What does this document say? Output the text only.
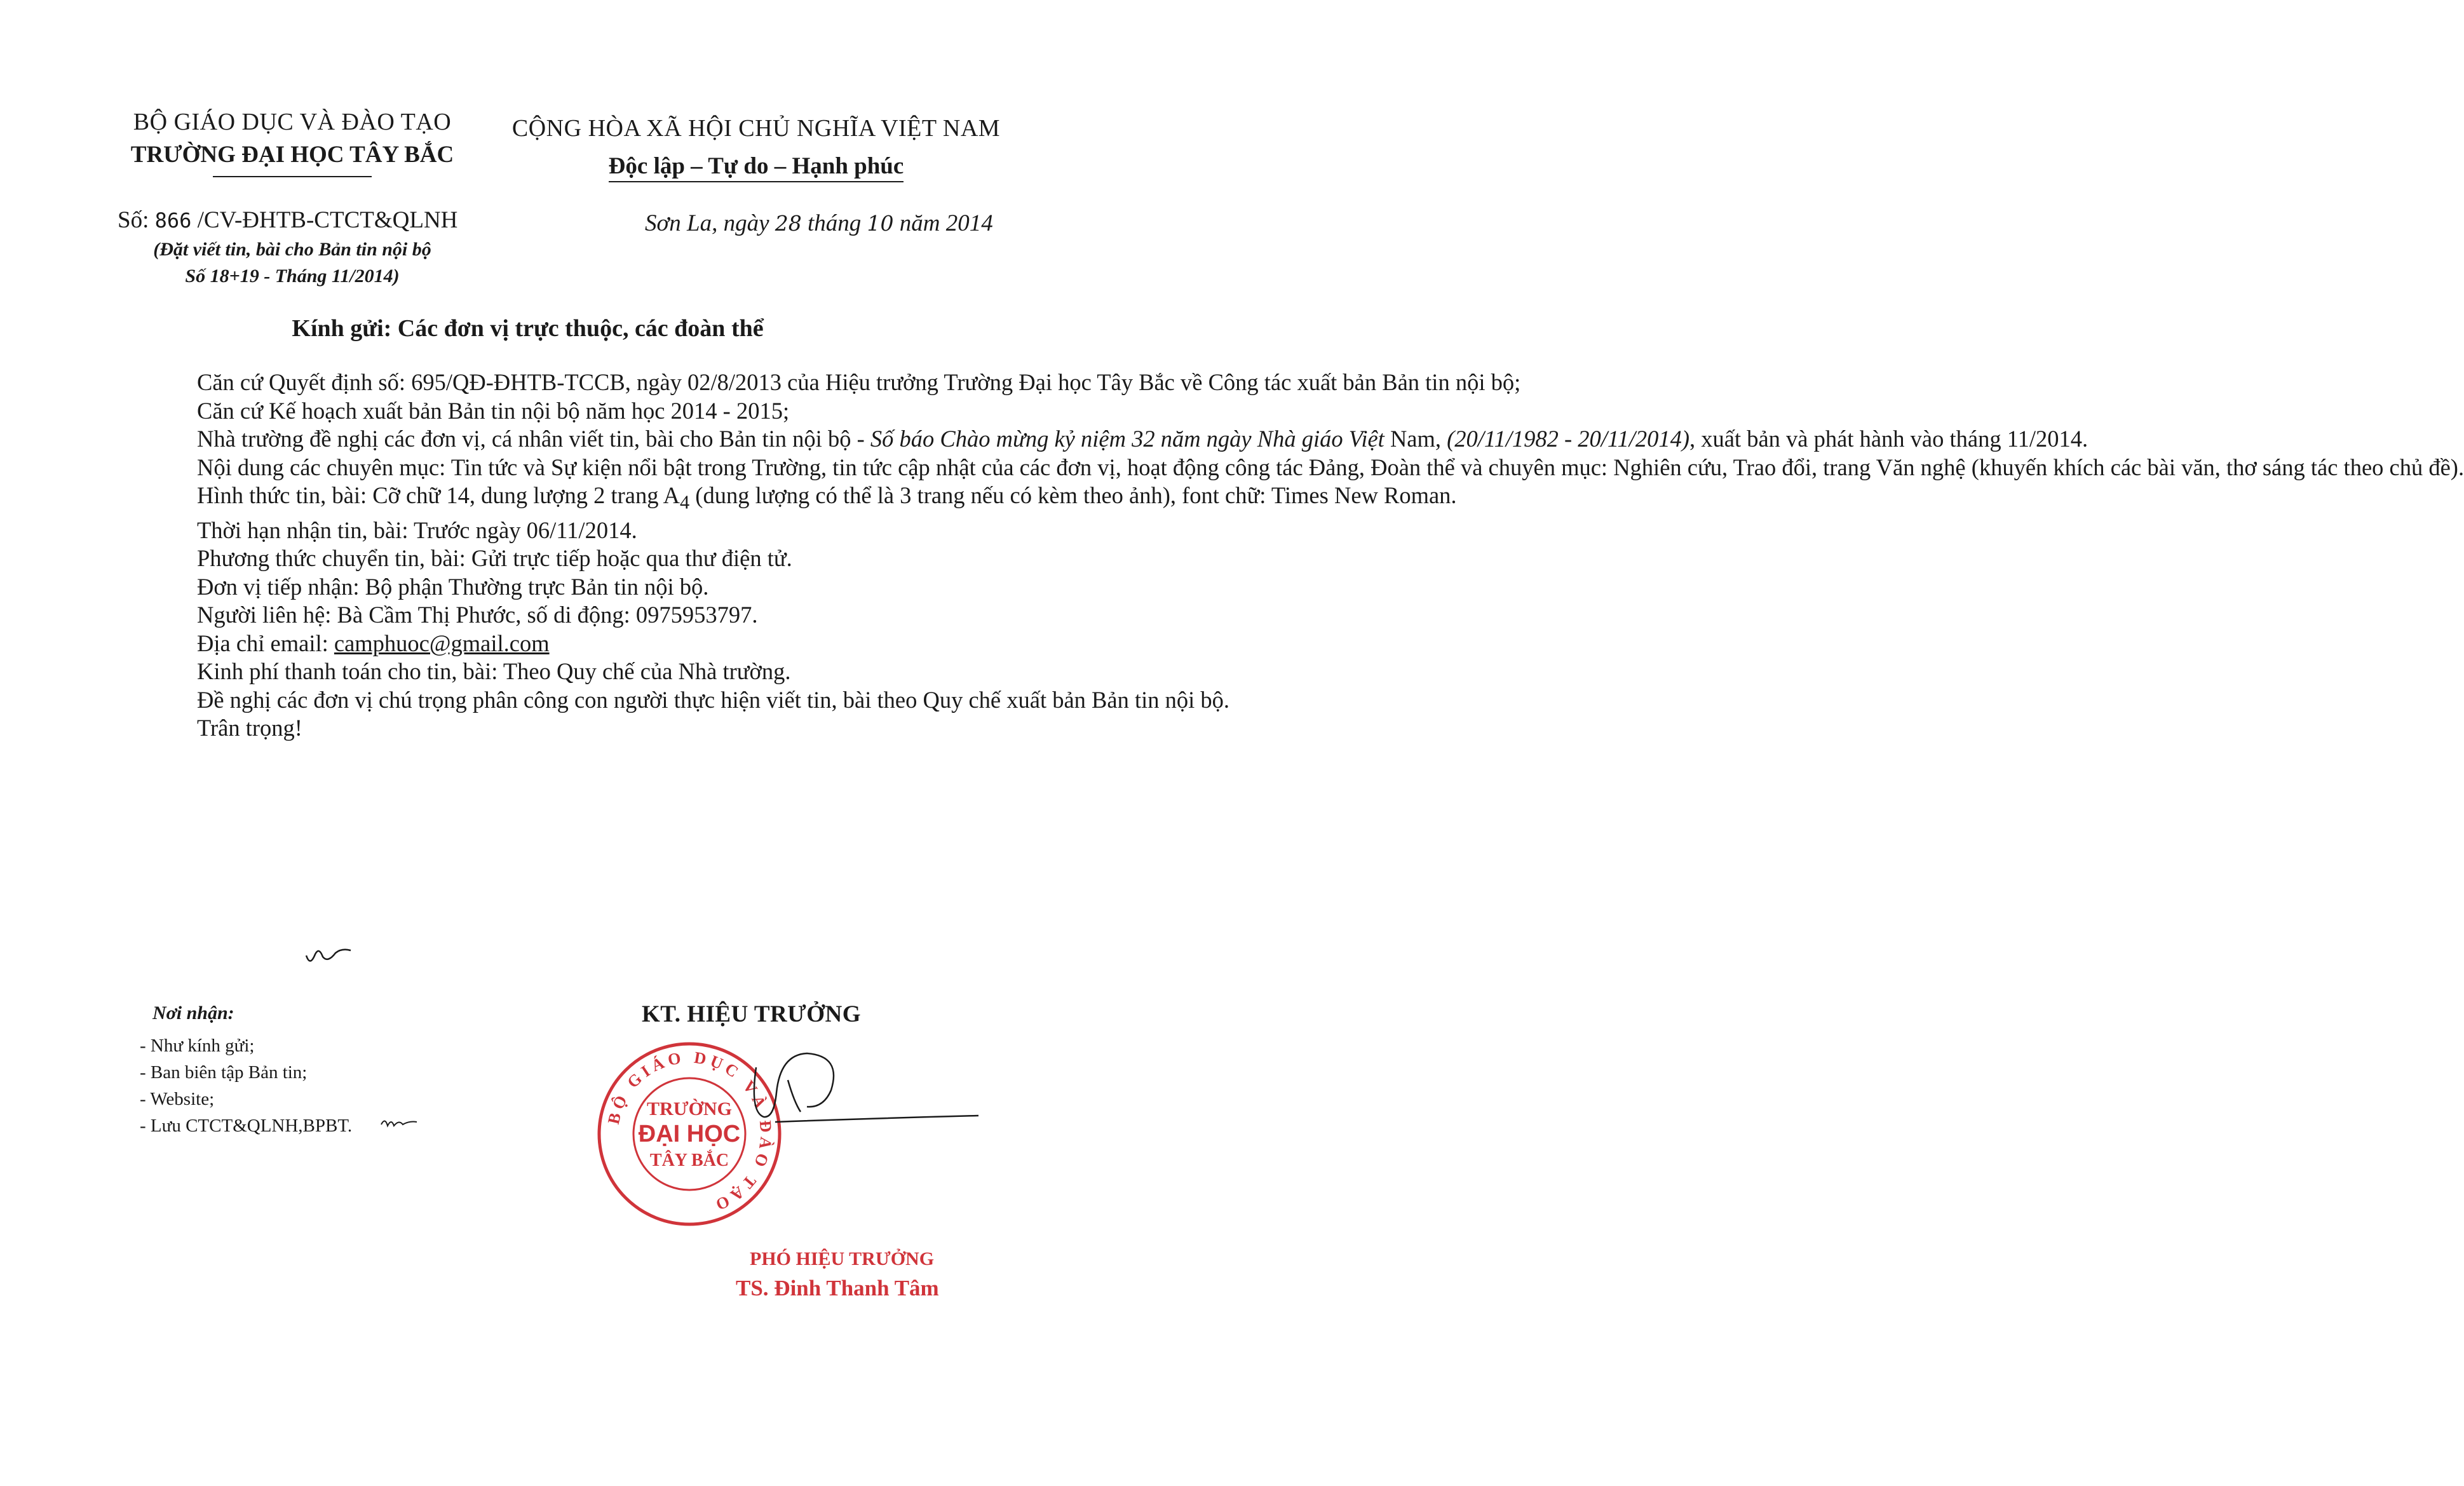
BỘ GIÁO DỤC VÀ ĐÀO TẠO
TRƯỜNG ĐẠI HỌC TÂY BẮC
CỘNG HÒA XÃ HỘI CHỦ NGHĨA VIỆT NAM
Độc lập – Tự do – Hạnh phúc
Số: 866 /CV-ĐHTB-CTCT&QLNH
(Đặt viết tin, bài cho Bản tin nội bộ
Số 18+19 - Tháng 11/2014)
Sơn La, ngày 28 tháng 10 năm 2014
Kính gửi: Các đơn vị trực thuộc, các đoàn thể

Căn cứ Quyết định số: 695/QĐ-ĐHTB-TCCB, ngày 02/8/2013 của Hiệu trưởng Trường Đại học Tây Bắc về Công tác xuất bản Bản tin nội bộ;

Căn cứ Kế hoạch xuất bản Bản tin nội bộ năm học 2014 - 2015;

Nhà trường đề nghị các đơn vị, cá nhân viết tin, bài cho Bản tin nội bộ - Số báo Chào mừng kỷ niệm 32 năm ngày Nhà giáo Việt Nam, (20/11/1982 - 20/11/2014), xuất bản và phát hành vào tháng 11/2014.

Nội dung các chuyên mục: Tin tức và Sự kiện nổi bật trong Trường, tin tức cập nhật của các đơn vị, hoạt động công tác Đảng, Đoàn thể và chuyên mục: Nghiên cứu, Trao đổi, trang Văn nghệ (khuyến khích các bài văn, thơ sáng tác theo chủ đề).

Hình thức tin, bài: Cỡ chữ 14, dung lượng 2 trang $A_4$ (dung lượng có thể là 3 trang nếu có kèm theo ảnh), font chữ: Times New Roman.

Thời hạn nhận tin, bài: Trước ngày 06/11/2014.

Phương thức chuyển tin, bài: Gửi trực tiếp hoặc qua thư điện tử.

Đơn vị tiếp nhận: Bộ phận Thường trực Bản tin nội bộ.

Người liên hệ: Bà Cầm Thị Phước, số di động: 0975953797.

Địa chỉ email: camphuoc@gmail.com

Kinh phí thanh toán cho tin, bài: Theo Quy chế của Nhà trường.

Đề nghị các đơn vị chú trọng phân công con người thực hiện viết tin, bài theo Quy chế xuất bản Bản tin nội bộ.

Trân trọng!

Nơi nhận:
- Như kính gửi;
- Ban biên tập Bản tin;
- Website;
- Lưu CTCT&QLNH,BPBT.
KT. HIỆU TRƯỞNG
BỘ GIÁO DỤC VÀ ĐÀO TẠO
TRƯỜNG
ĐẠI HỌC
TÂY BẮC
PHÓ HIỆU TRƯỞNG
TS. Đinh Thanh Tâm
